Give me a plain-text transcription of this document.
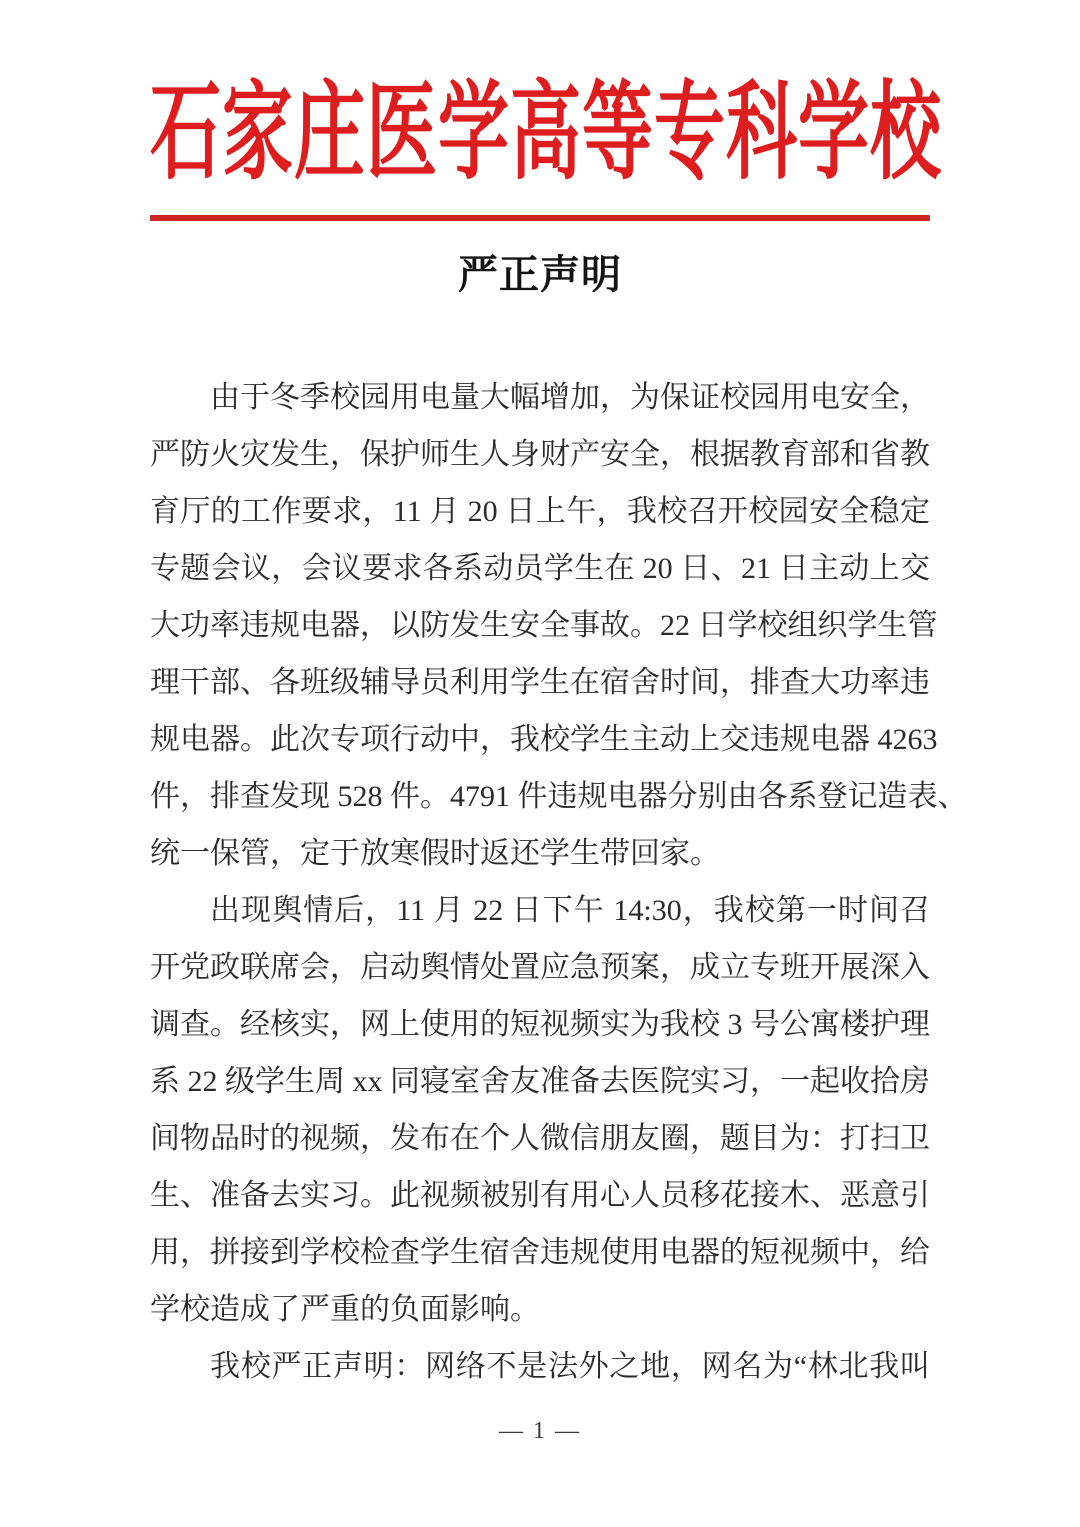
石家庄医学高等专科学校
严正声明
由于冬季校园用电量大幅增加，为保证校园用电安全，
严防火灾发生，保护师生人身财产安全，根据教育部和省教
育厅的工作要求，11 月 20 日上午，我校召开校园安全稳定
专题会议，会议要求各系动员学生在 20 日、21 日主动上交
大功率违规电器，以防发生安全事故。22 日学校组织学生管
理干部、各班级辅导员利用学生在宿舍时间，排查大功率违
规电器。此次专项行动中，我校学生主动上交违规电器 4263
件，排查发现 528 件。4791 件违规电器分别由各系登记造表、
统一保管，定于放寒假时返还学生带回家。
出现舆情后，11 月 22 日下午 14:30，我校第一时间召
开党政联席会，启动舆情处置应急预案，成立专班开展深入
调查。经核实，网上使用的短视频实为我校 3 号公寓楼护理
系 22 级学生周 xx 同寝室舍友准备去医院实习，一起收拾房
间物品时的视频，发布在个人微信朋友圈，题目为：打扫卫
生、准备去实习。此视频被别有用心人员移花接木、恶意引
用，拼接到学校检查学生宿舍违规使用电器的短视频中，给
学校造成了严重的负面影响。
我校严正声明：网络不是法外之地，网名为“林北我叫
— 1 —
